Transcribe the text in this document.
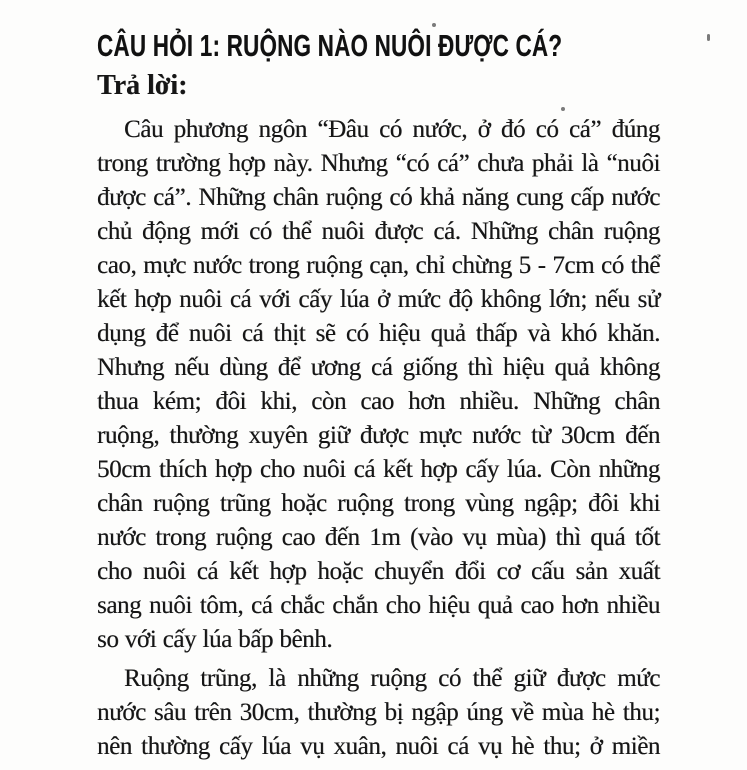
CÂU HỎI 1: RUỘNG NÀO NUÔI ĐƯỢC CÁ?

Trả lời:

Câu phương ngôn “Đâu có nước, ở đó có cá” đúng
trong trường hợp này. Nhưng “có cá” chưa phải là “nuôi
được cá”. Những chân ruộng có khả năng cung cấp nước
chủ động mới có thể nuôi được cá. Những chân ruộng
cao, mực nước trong ruộng cạn, chỉ chừng 5 - 7cm có thể
kết hợp nuôi cá với cấy lúa ở mức độ không lớn; nếu sử
dụng để nuôi cá thịt sẽ có hiệu quả thấp và khó khăn.
Nhưng nếu dùng để ương cá giống thì hiệu quả không
thua kém; đôi khi, còn cao hơn nhiều. Những chân
ruộng, thường xuyên giữ được mực nước từ 30cm đến
50cm thích hợp cho nuôi cá kết hợp cấy lúa. Còn những
chân ruộng trũng hoặc ruộng trong vùng ngập; đôi khi
nước trong ruộng cao đến 1m (vào vụ mùa) thì quá tốt
cho nuôi cá kết hợp hoặc chuyển đổi cơ cấu sản xuất
sang nuôi tôm, cá chắc chắn cho hiệu quả cao hơn nhiều
so với cấy lúa bấp bênh.
Ruộng trũng, là những ruộng có thể giữ được mức
nước sâu trên 30cm, thường bị ngập úng về mùa hè thu;
nên thường cấy lúa vụ xuân, nuôi cá vụ hè thu; ở miền
